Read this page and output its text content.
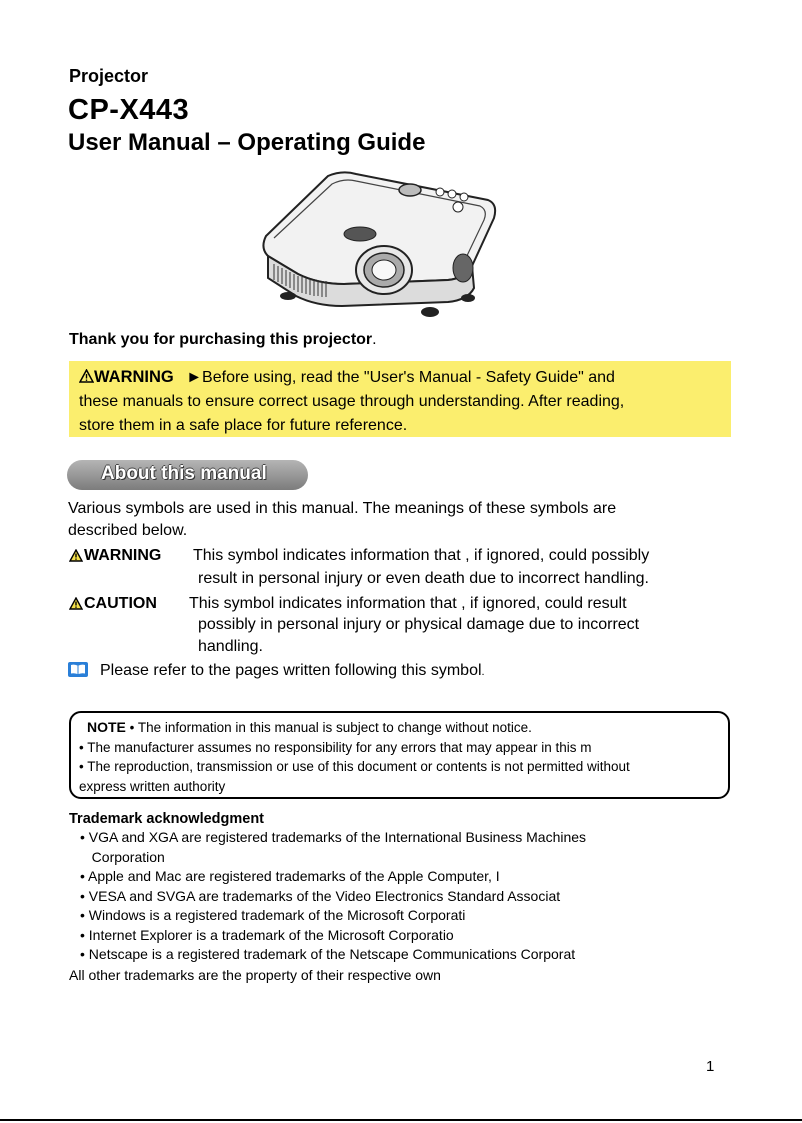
Projector
CP-X443
User Manual – Operating Guide
Thank you for purchasing this projector.
WARNING ►Before using, read the "User's Manual - Safety Guide" and
these manuals to ensure correct usage through understanding. After reading,
store them in a safe place for future reference.
About this manual
Various symbols are used in this manual. The meanings of these symbols are
described below.
WARNING This symbol indicates information that , if ignored, could possibly
result in personal injury or even death due to incorrect handling.
CAUTION This symbol indicates information that , if ignored, could result
possibly in personal injury or physical damage due to incorrect
handling.
Please refer to the pages written following this symbol.
NOTE • The information in this manual is subject to change without notice.
• The manufacturer assumes no responsibility for any errors that may appear in this m
• The reproduction, transmission or use of this document or contents is not permitted without
express written authority
Trademark acknowledgment
• VGA and XGA are registered trademarks of the International Business Machines
Corporation
• Apple and Mac are registered trademarks of the Apple Computer, I
• VESA and SVGA are trademarks of the Video Electronics Standard Associat
• Windows is a registered trademark of the Microsoft Corporati
• Internet Explorer is a trademark of the Microsoft Corporatio
• Netscape is a registered trademark of the Netscape Communications Corporat
All other trademarks are the property of their respective own
1
